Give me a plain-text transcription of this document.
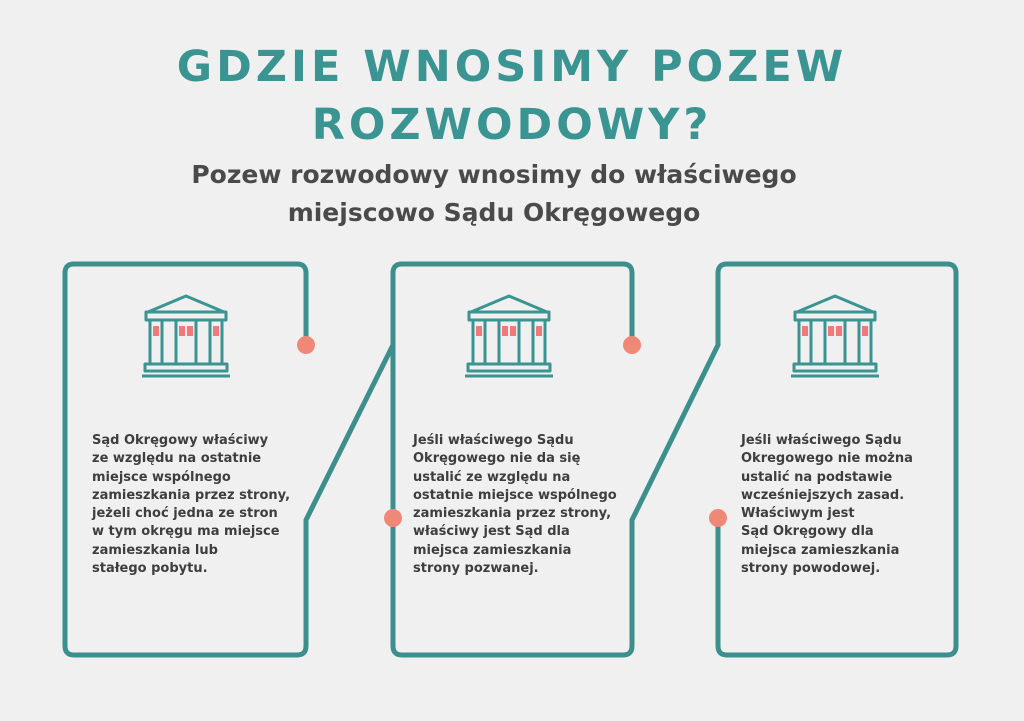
GDZIE WNOSIMY POZEW
ROZWODOWY?
Pozew rozwodowy wnosimy do właściwego
miejscowo Sądu Okręgowego
Sąd Okręgowy właściwy
ze względu na ostatnie
miejsce wspólnego
zamieszkania przez strony,
jeżeli choć jedna ze stron
w tym okręgu ma miejsce
zamieszkania lub
stałego pobytu.
Jeśli właściwego Sądu
Okręgowego nie da się
ustalić ze względu na
ostatnie miejsce wspólnego
zamieszkania przez strony,
właściwy jest Sąd dla
miejsca zamieszkania
strony pozwanej.
Jeśli właściwego Sądu
Okregowego nie można
ustalić na podstawie
wcześniejszych zasad.
Właściwym jest
Sąd Okręgowy dla
miejsca zamieszkania
strony powodowej.
